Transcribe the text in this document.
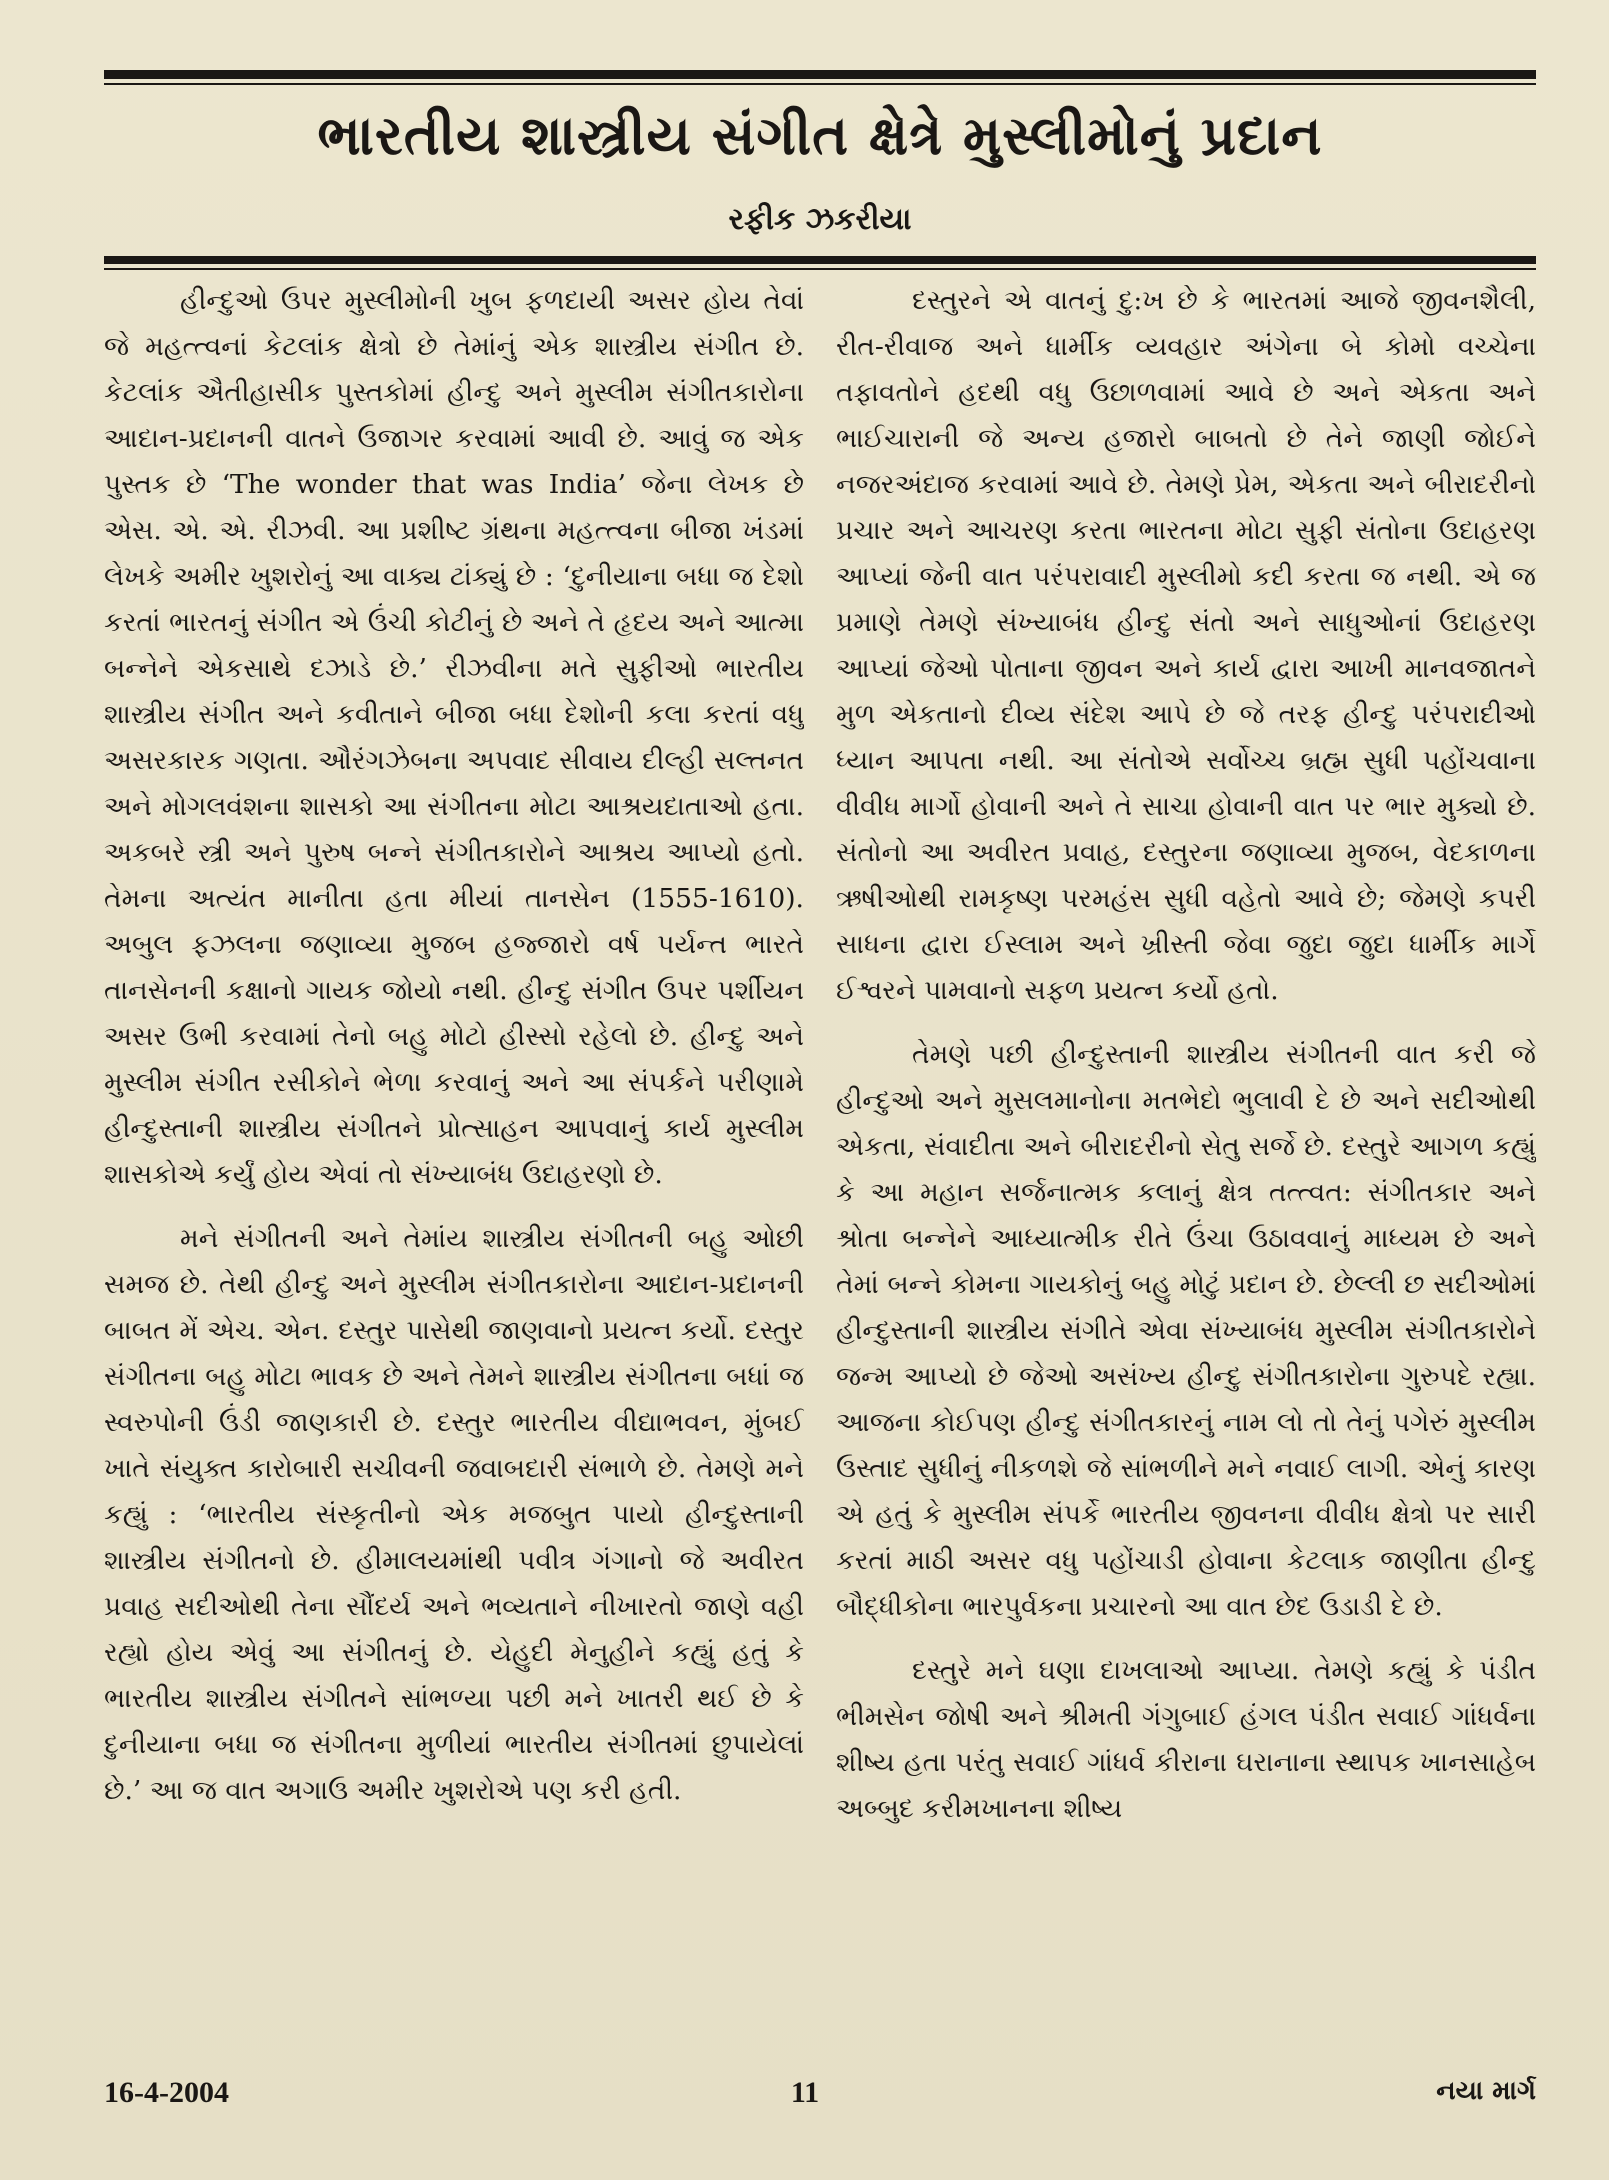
ભારતીય શાસ્ત્રીય સંગીત ક્ષેત્રે મુસ્લીમોનું પ્રદાન
રફીક ઝકરીયા

હીન્દુઓ ઉપર મુસ્લીમોની ખુબ ફળદાયી અસર હોય તેવાં જે મહત્ત્વનાં કેટલાંક ક્ષેત્રો છે તેમાંનું એક શાસ્ત્રીય સંગીત છે. કેટલાંક ઐતીહાસીક પુસ્તકોમાં હીન્દુ અને મુસ્લીમ સંગીતકારોના આદાન-પ્રદાનની વાતને ઉજાગર કરવામાં આવી છે. આવું જ એક પુસ્તક છે ‘The wonder that was India’ જેના લેખક છે એસ. એ. એ. રીઝવી. આ પ્રશીષ્ટ ગ્રંથના મહત્ત્વના બીજા ખંડમાં લેખકે અમીર ખુશરોનું આ વાક્ય ટાંક્યું છે : ‘દુનીયાના બધા જ દેશો કરતાં ભારતનું સંગીત એ ઉંચી કોટીનું છે અને તે હૃદય અને આત્મા બન્નેને એકસાથે દઝાડે છે.’ રીઝવીના મતે સુફીઓ ભારતીય શાસ્ત્રીય સંગીત અને કવીતાને બીજા બધા દેશોની કલા કરતાં વધુ અસરકારક ગણતા. ઔરંગઝેબના અપવાદ સીવાય દીલ્હી સલ્તનત અને મોગલવંશના શાસકો આ સંગીતના મોટા આશ્રયદાતાઓ હતા. અકબરે સ્ત્રી અને પુરુષ બન્ને સંગીતકારોને આશ્રય આપ્યો હતો. તેમના અત્યંત માનીતા હતા મીયાં તાનસેન (1555-1610). અબુલ ફઝલના જણાવ્યા મુજબ હજ્જારો વર્ષ પર્યન્ત ભારતે તાનસેનની કક્ષાનો ગાયક જોયો નથી. હીન્દુ સંગીત ઉપર પર્શીયન અસર ઉભી કરવામાં તેનો બહુ મોટો હીસ્સો રહેલો છે. હીન્દુ અને મુસ્લીમ સંગીત રસીકોને ભેળા કરવાનું અને આ સંપર્કને પરીણામે હીન્દુસ્તાની શાસ્ત્રીય સંગીતને પ્રોત્સાહન આપવાનું કાર્ય મુસ્લીમ શાસકોએ કર્યું હોય એવાં તો સંખ્યાબંધ ઉદાહરણો છે.

મને સંગીતની અને તેમાંય શાસ્ત્રીય સંગીતની બહુ ઓછી સમજ છે. તેથી હીન્દુ અને મુસ્લીમ સંગીતકારોના આદાન-પ્રદાનની બાબત મેં એચ. એન. દસ્તુર પાસેથી જાણવાનો પ્રયત્ન કર્યો. દસ્તુર સંગીતના બહુ મોટા ભાવક છે અને તેમને શાસ્ત્રીય સંગીતના બધાં જ સ્વરુપોની ઉંડી જાણકારી છે. દસ્તુર ભારતીય વીદ્યાભવન, મુંબઈ ખાતે સંયુક્ત કારોબારી સચીવની જવાબદારી સંભાળે છે. તેમણે મને કહ્યું : ‘ભારતીય સંસ્કૃતીનો એક મજબુત પાયો હીન્દુસ્તાની શાસ્ત્રીય સંગીતનો છે. હીમાલયમાંથી પવીત્ર ગંગાનો જે અવીરત પ્રવાહ સદીઓથી તેના સૌંદર્ય અને ભવ્યતાને નીખારતો જાણે વહી રહ્યો હોય એવું આ સંગીતનું છે. યેહુદી મેનુહીને કહ્યું હતું કે ભારતીય શાસ્ત્રીય સંગીતને સાંભળ્યા પછી મને ખાતરી થઈ છે કે દુનીયાના બધા જ સંગીતના મુળીયાં ભારતીય સંગીતમાં છુપાયેલાં છે.’ આ જ વાત અગાઉ અમીર ખુશરોએ પણ કરી હતી.

દસ્તુરને એ વાતનું દુ:ખ છે કે ભારતમાં આજે જીવનશૈલી, રીત-રીવાજ અને ધાર્મીક વ્યવહાર અંગેના બે કોમો વચ્ચેના તફાવતોને હદથી વધુ ઉછાળવામાં આવે છે અને એકતા અને ભાઈચારાની જે અન્ય હજારો બાબતો છે તેને જાણી જોઈને નજરઅંદાજ કરવામાં આવે છે. તેમણે પ્રેમ, એકતા અને બીરાદરીનો પ્રચાર અને આચરણ કરતા ભારતના મોટા સુફી સંતોના ઉદાહરણ આપ્યાં જેની વાત પરંપરાવાદી મુસ્લીમો કદી કરતા જ નથી. એ જ પ્રમાણે તેમણે સંખ્યાબંધ હીન્દુ સંતો અને સાધુઓનાં ઉદાહરણ આપ્યાં જેઓ પોતાના જીવન અને કાર્ય દ્વારા આખી માનવજાતને મુળ એકતાનો દીવ્ય સંદેશ આપે છે જે તરફ હીન્દુ પરંપરાદીઓ ધ્યાન આપતા નથી. આ સંતોએ સર્વોચ્ચ બ્રહ્મ સુધી પહોંચવાના વીવીધ માર્ગો હોવાની અને તે સાચા હોવાની વાત પર ભાર મુક્યો છે. સંતોનો આ અવીરત પ્રવાહ, દસ્તુરના જણાવ્યા મુજબ, વેદકાળના ઋષીઓથી રામકૃષ્ણ પરમહંસ સુધી વહેતો આવે છે; જેમણે કપરી સાધના દ્વારા ઈસ્લામ અને ખ્રીસ્તી જેવા જુદા જુદા ધાર્મીક માર્ગે ઈશ્વરને પામવાનો સફળ પ્રયત્ન કર્યો હતો.

તેમણે પછી હીન્દુસ્તાની શાસ્ત્રીય સંગીતની વાત કરી જે હીન્દુઓ અને મુસલમાનોના મતભેદો ભુલાવી દે છે અને સદીઓથી એકતા, સંવાદીતા અને બીરાદરીનો સેતુ સર્જે છે. દસ્તુરે આગળ કહ્યું કે આ મહાન સર્જનાત્મક કલાનું ક્ષેત્ર તત્ત્વત: સંગીતકાર અને શ્રોતા બન્નેને આધ્યાત્મીક રીતે ઉંચા ઉઠાવવાનું માધ્યમ છે અને તેમાં બન્ને કોમના ગાયકોનું બહુ મોટું પ્રદાન છે. છેલ્લી છ સદીઓમાં હીન્દુસ્તાની શાસ્ત્રીય સંગીતે એવા સંખ્યાબંધ મુસ્લીમ સંગીતકારોને જન્મ આપ્યો છે જેઓ અસંખ્ય હીન્દુ સંગીતકારોના ગુરુપદે રહ્યા. આજના કોઈપણ હીન્દુ સંગીતકારનું નામ લો તો તેનું પગેરું મુસ્લીમ ઉસ્તાદ સુધીનું નીકળશે જે સાંભળીને મને નવાઈ લાગી. એનું કારણ એ હતું કે મુસ્લીમ સંપર્કે ભારતીય જીવનના વીવીધ ક્ષેત્રો પર સારી કરતાં માઠી અસર વધુ પહોંચાડી હોવાના કેટલાક જાણીતા હીન્દુ બૌદ્ધીકોના ભારપુર્વકના પ્રચારનો આ વાત છેદ ઉડાડી દે છે.

દસ્તુરે મને ઘણા દાખલાઓ આપ્યા. તેમણે કહ્યું કે પંડીત ભીમસેન જોષી અને શ્રીમતી ગંગુબાઈ હંગલ પંડીત સવાઈ ગાંધર્વના શીષ્ય હતા પરંતુ સવાઈ ગાંધર્વ કીરાના ઘરાનાના સ્થાપક ખાનસાહેબ અબ્બુદ કરીમખાનના શીષ્ય

16-4-2004	11	નયા માર્ગ
